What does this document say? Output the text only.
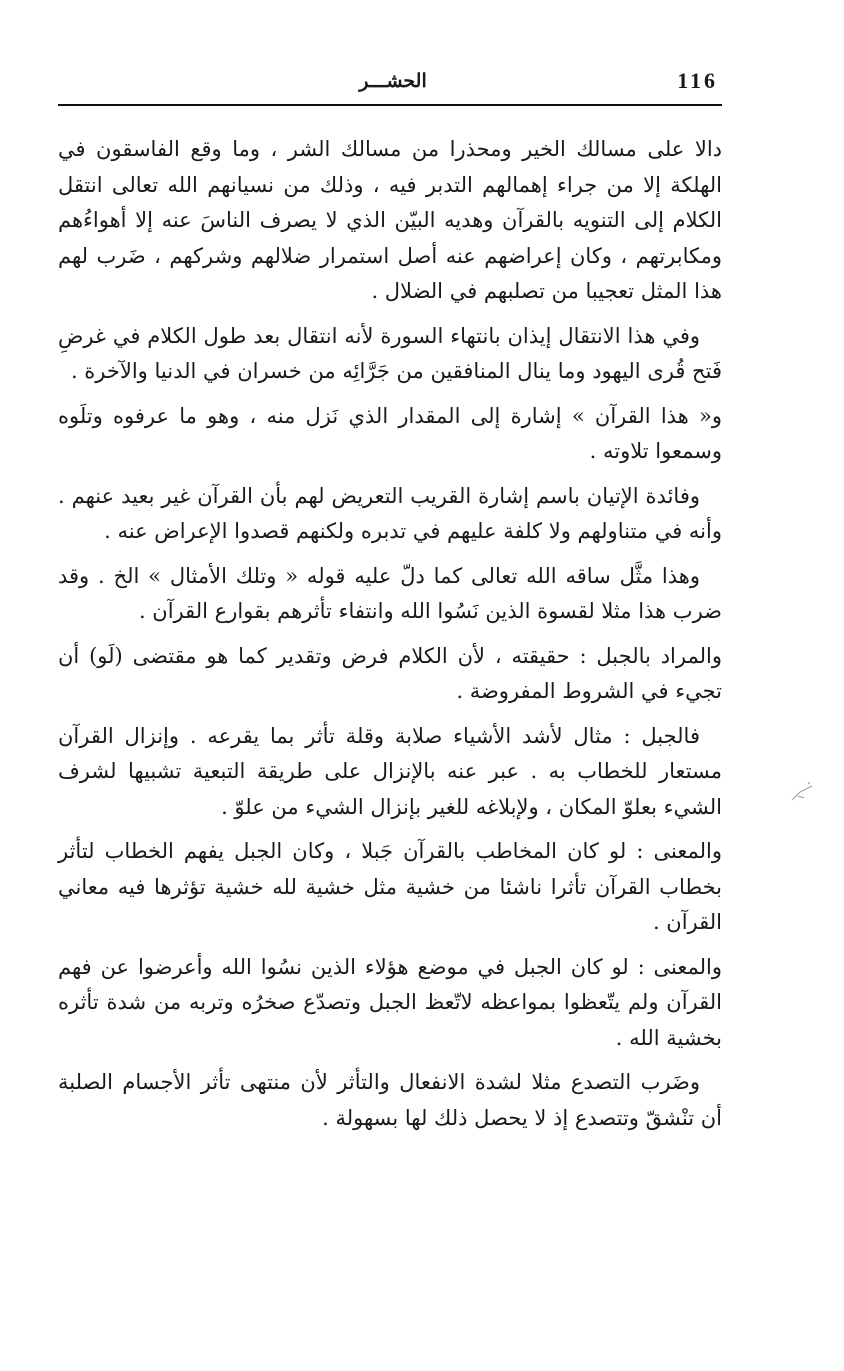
116
الحشـــر

دالا على مسالك الخير ومحذرا من مسالك الشر ، وما وقع الفاسقون في الهلكة إلا من جراء إهمالهم التدبر فيه ، وذلك من نسيانهم الله تعالى انتقل الكلام إلى التنويه بالقرآن وهديه البيّن الذي لا يصرف الناسَ عنه إلا أهواءُهم ومكابرتهم ، وكان إعراضهم عنه أصل استمرار ضلالهم وشركهم ، ضَرب لهم هذا المثل تعجيبا من تصلبهم في الضلال .

وفي هذا الانتقال إيذان بانتهاء السورة لأنه انتقال بعد طول الكلام في غرضِ فَتح قُرى اليهود وما ينال المنافقين من جَرَّائِه من خسران في الدنيا والآخرة .

و« هذا القرآن » إشارة إلى المقدار الذي نَزل منه ، وهو ما عرفوه وتلَوه وسمعوا تلاوته .

وفائدة الإتيان باسم إشارة القريب التعريض لهم بأن القرآن غير بعيد عنهم . وأنه في متناولهم ولا كلفة عليهم في تدبره ولكنهم قصدوا الإعراض عنه .

وهذا مثَّل ساقه الله تعالى كما دلّ عليه قوله « وتلك الأمثال » الخ . وقد ضرب هذا مثلا لقسوة الذين نَسُوا الله وانتفاء تأثرهم بقوارع القرآن .

والمراد بالجبل : حقيقته ، لأن الكلام فرض وتقدير كما هو مقتضى (لَو) أن تجيء في الشروط المفروضة .

فالجبل : مثال لأشد الأشياء صلابة وقلة تأثر بما يقرعه . وإنزال القرآن مستعار للخطاب به . عبر عنه بالإنزال على طريقة التبعية تشبيها لشرف الشيء بعلوّ المكان ، ولإبلاغه للغير بإنزال الشيء من علوّ .

والمعنى : لو كان المخاطب بالقرآن جَبلا ، وكان الجبل يفهم الخطاب لتأثر بخطاب القرآن تأثرا ناشئا من خشية مثل خشية لله خشية تؤثرها فيه معاني القرآن .

والمعنى : لو كان الجبل في موضع هؤلاء الذين نسُوا الله وأعرضوا عن فهم القرآن ولم يتّعظوا بمواعظه لاتّعظ الجبل وتصدّع صخرُه وتربه من شدة تأثره بخشية الله .

وضَرب التصدع مثلا لشدة الانفعال والتأثر لأن منتهى تأثر الأجسام الصلبة أن تنْشقّ وتتصدع إذ لا يحصل ذلك لها بسهولة .
